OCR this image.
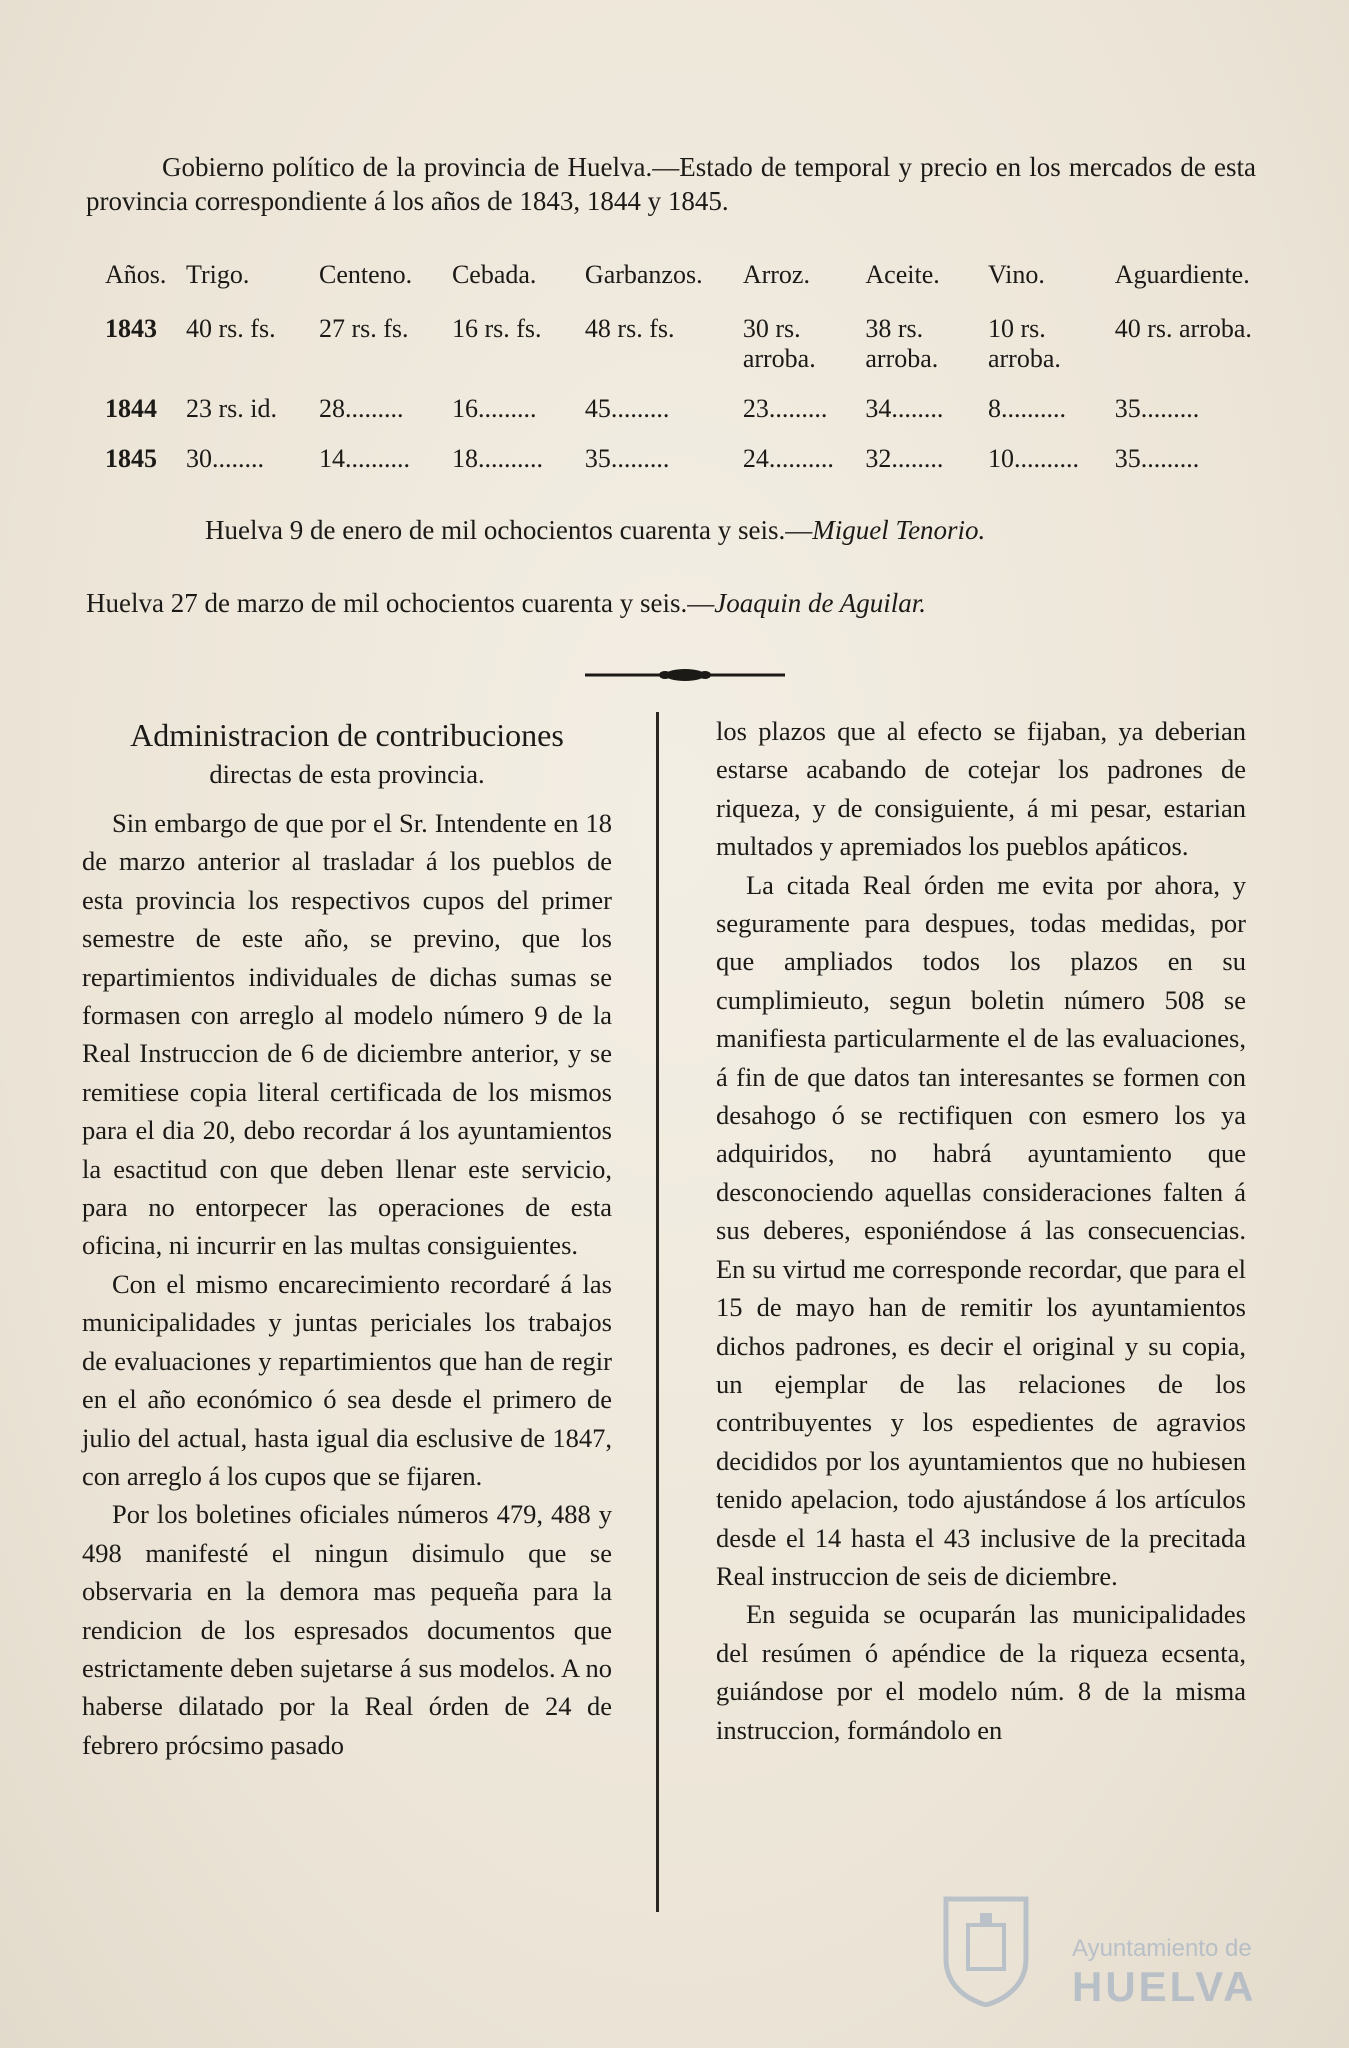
Gobierno político de la provincia de Huelva.—Estado de temporal y precio en los mercados de esta provincia correspondiente á los años de 1843, 1844 y 1845.
Años.	Trigo.	Centeno.	Cebada.	Garbanzos.	Arroz.	Aceite.	Vino.	Aguardiente.
1843	40 rs. fs.	27 rs. fs.	16 rs. fs.	48 rs. fs.	30 rs. arroba.	38 rs. arroba.	10 rs. arroba.	40 rs. arroba.
1844	23 rs. id.	28.........	16.........	45.........	23.........	34........	8..........	35.........
1845	30........	14..........	18..........	35.........	24..........	32........	10..........	35.........
Huelva 9 de enero de mil ochocientos cuarenta y seis.—Miguel Tenorio.
Huelva 27 de marzo de mil ochocientos cuarenta y seis.—Joaquin de Aguilar.
Administracion de contribuciones
directas de esta provincia.

Sin embargo de que por el Sr. Intendente en 18 de marzo anterior al trasladar á los pueblos de esta provincia los respectivos cupos del primer semestre de este año, se previno, que los repartimientos individuales de dichas sumas se formasen con arreglo al modelo número 9 de la Real Instruccion de 6 de diciembre anterior, y se remitiese copia literal certificada de los mismos para el dia 20, debo recordar á los ayuntamientos la esactitud con que deben llenar este servicio, para no entorpecer las operaciones de esta oficina, ni incurrir en las multas consiguientes.

Con el mismo encarecimiento recordaré á las municipalidades y juntas periciales los trabajos de evaluaciones y repartimientos que han de regir en el año económico ó sea desde el primero de julio del actual, hasta igual dia esclusive de 1847, con arreglo á los cupos que se fijaren.

Por los boletines oficiales números 479, 488 y 498 manifesté el ningun disimulo que se observaria en la demora mas pequeña para la rendicion de los espresados documentos que estrictamente deben sujetarse á sus modelos. A no haberse dilatado por la Real órden de 24 de febrero prócsimo pasado

los plazos que al efecto se fijaban, ya deberian estarse acabando de cotejar los padrones de riqueza, y de consiguiente, á mi pesar, estarian multados y apremiados los pueblos apáticos.

La citada Real órden me evita por ahora, y seguramente para despues, todas medidas, por que ampliados todos los plazos en su cumplimieuto, segun boletin número 508 se manifiesta particularmente el de las evaluaciones, á fin de que datos tan interesantes se formen con desahogo ó se rectifiquen con esmero los ya adquiridos, no habrá ayuntamiento que desconociendo aquellas consideraciones falten á sus deberes, esponiéndose á las consecuencias. En su virtud me corresponde recordar, que para el 15 de mayo han de remitir los ayuntamientos dichos padrones, es decir el original y su copia, un ejemplar de las relaciones de los contribuyentes y los espedientes de agravios decididos por los ayuntamientos que no hubiesen tenido apelacion, todo ajustándose á los artículos desde el 14 hasta el 43 inclusive de la precitada Real instruccion de seis de diciembre.

En seguida se ocuparán las municipalidades del resúmen ó apéndice de la riqueza ecsenta, guiándose por el modelo núm. 8 de la misma instruccion, formándolo en

Ayuntamiento de
HUELVA
